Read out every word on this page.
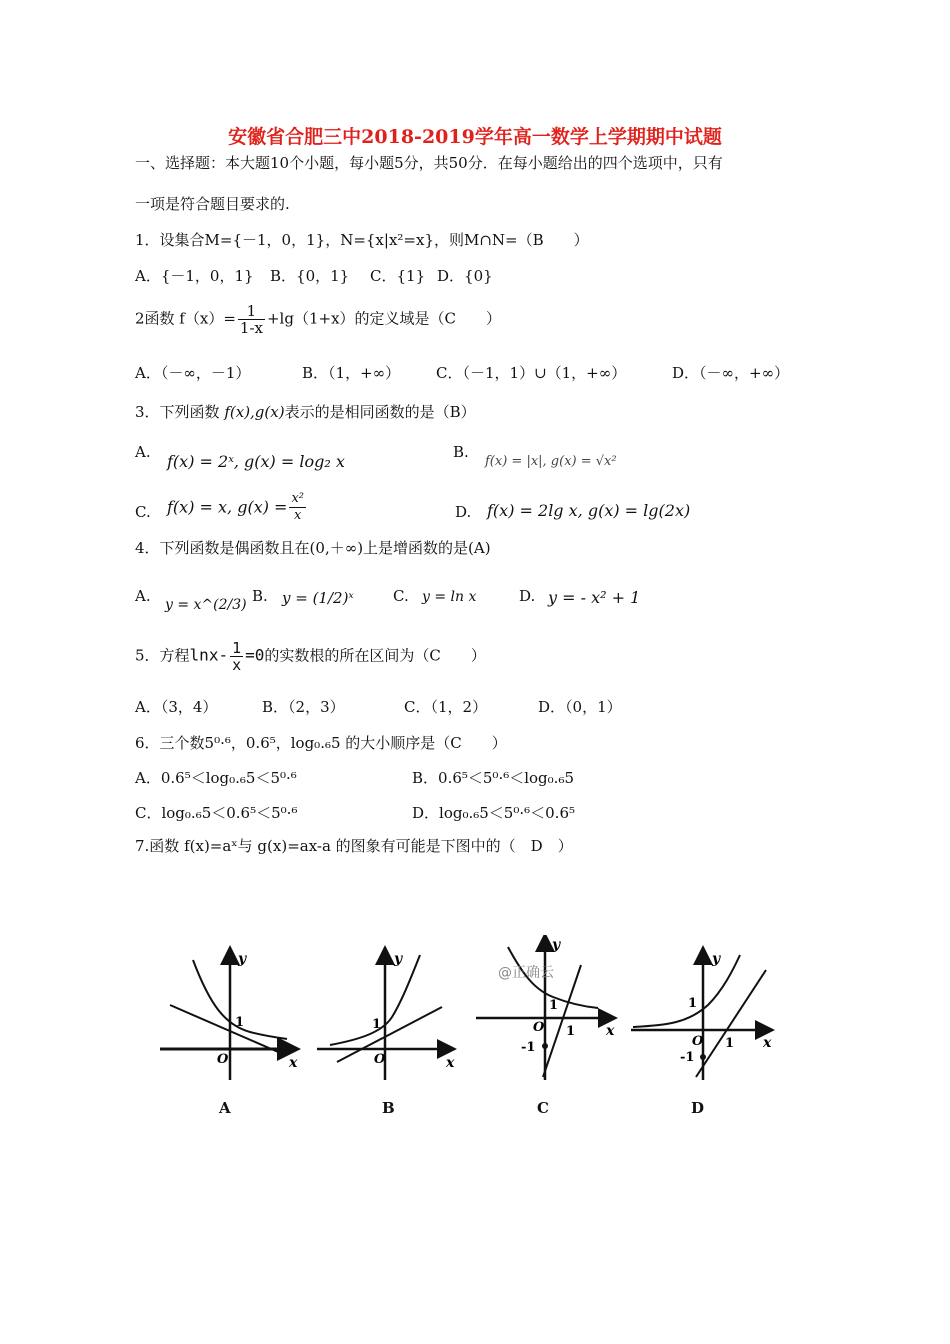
安徽省合肥三中2018-2019学年高一数学上学期期中试题
一、选择题：本大题10个小题，每小题5分，共50分．在每小题给出的四个选项中，只有
一项是符合题目要求的.
1．设集合M={－1，0，1}，N={x|x²=x}，则M∩N=（B　　）
A．{－1，0，1} B．{0，1} C．{1} D．{0}
2函数 $f(x)= \frac{1}{1-x} +\lg(1+x)$的定义域是（C　　）
A．（－∞，－1）	B．（1，+∞） C．（－1，1）∪（1，+∞）	D．（－∞，+∞）
3．下列函数 f(x),g(x)表示的是相同函数的是（B）
A. f(x) = 2ˣ, g(x) = log₂ x	B.
f(x) = |x|, g(x) = √x²
C. f(x) = x, $g(x) = \frac{\text{x²}}{x}$	D. f(x) = 2lg x, g(x) = lg(2x)
4．下列函数是偶函数且在(0,＋∞)上是增函数的是(A)
A. y = x^(2/3) B. y = (1/2)ˣ	C. y = ln x	D. y = - x² + 1
5．方程$\ln x- \frac{1}{x} =0$的实数根的所在区间为（C　　）
A．（3，4）	B．（2，3）	C．（1，2）	D．（0，1）
6．三个数5⁰·⁶，0.6⁵，log₀.₆5 的大小顺序是（C　　）
A．0.6⁵＜log₀.₆5＜5⁰·⁶	B．0.6⁵＜5⁰·⁶＜log₀.₆5
C．log₀.₆5＜0.6⁵＜5⁰·⁶	D．log₀.₆5＜5⁰·⁶＜0.6⁵
7.函数 f(x)=aˣ与 g(x)=ax-a 的图象有可能是下图中的（　D　）
1
O	x
y
A
1
O	x
y
B
1
O
-1
1 x
y
C
1
O
-1
1 x
y
D
@正确云
